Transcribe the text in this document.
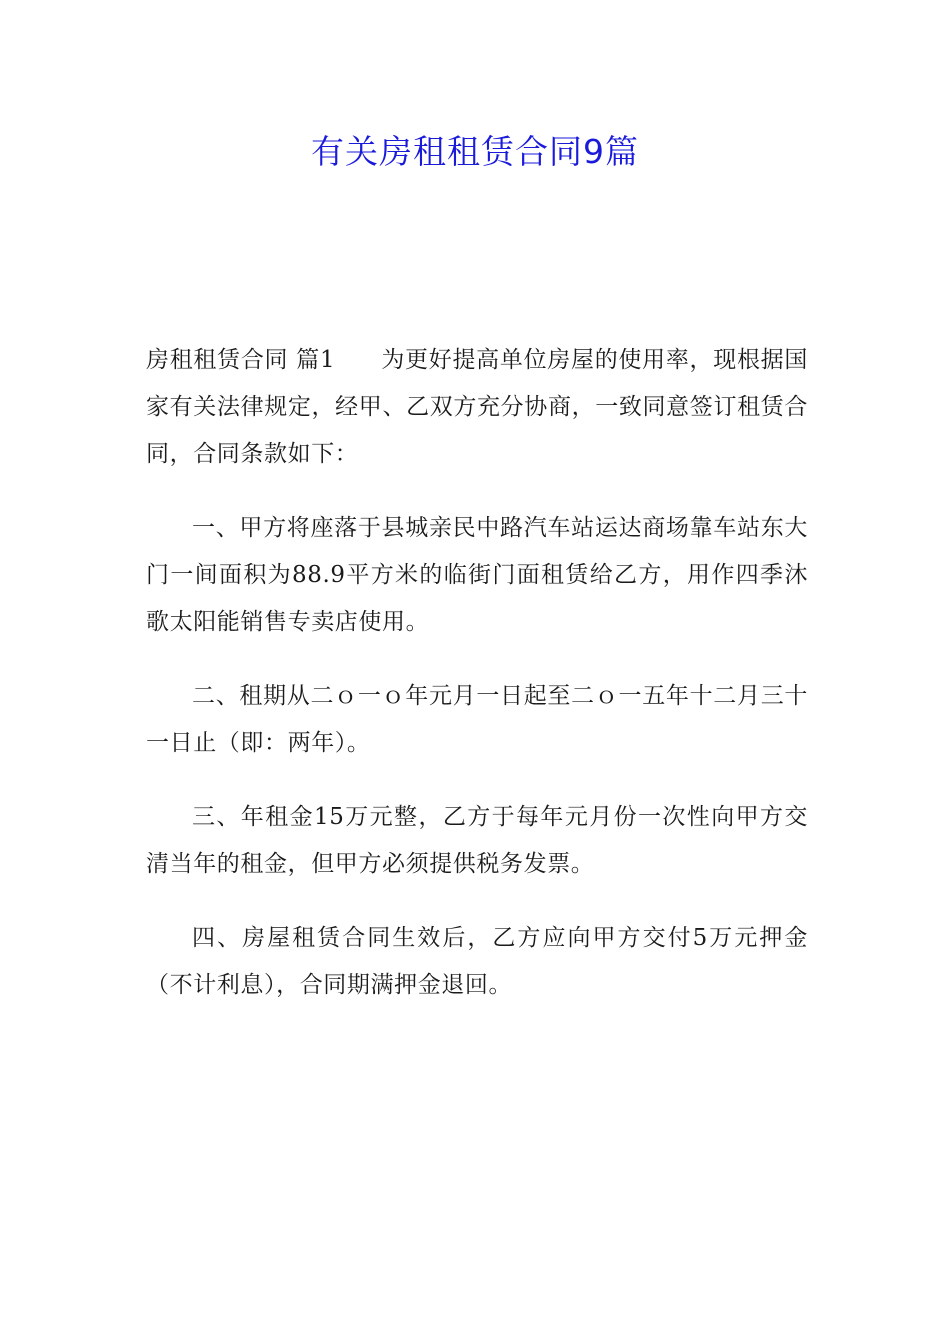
有关房租租赁合同9篇

房租租赁合同 篇1 为更好提高单位房屋的使用率，现根据国家有关法律规定，经甲、乙双方充分协商，一致同意签订租赁合同，合同条款如下：

一、甲方将座落于县城亲民中路汽车站运达商场靠车站东大门一间面积为88.9平方米的临街门面租赁给乙方，用作四季沐歌太阳能销售专卖店使用。

二、租期从二ｏ一ｏ年元月一日起至二ｏ一五年十二月三十一日止（即：两年）。

三、年租金15万元整，乙方于每年元月份一次性向甲方交清当年的租金，但甲方必须提供税务发票。

四、房屋租赁合同生效后，乙方应向甲方交付5万元押金（不计利息），合同期满押金退回。
